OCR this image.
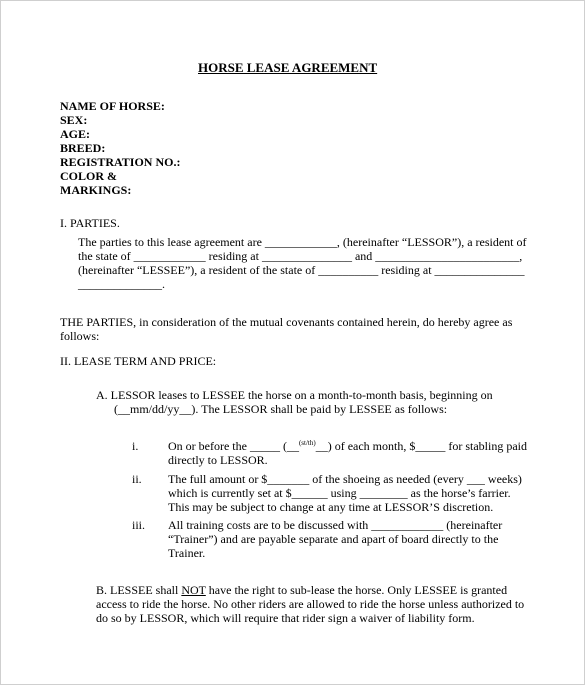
HORSE LEASE AGREEMENT
NAME OF HORSE:
SEX:
AGE:
BREED:
REGISTRATION NO.:
COLOR &
MARKINGS:
I. PARTIES.
The parties to this lease agreement are ____________, (hereinafter “LESSOR”), a resident of
the state of ____________ residing at _______________ and ________________________,
(hereinafter “LESSEE”), a resident of the state of __________ residing at _______________
______________.
THE PARTIES, in consideration of the mutual covenants contained herein, do hereby agree as
follows:
II. LEASE TERM AND PRICE:
A. LESSOR leases to LESSEE the horse on a month-to-month basis, beginning on
(__mm/dd/yy__). The LESSOR shall be paid by LESSEE as follows:
i. On or before the _____ (__$^{(st/th)}$__) of each month, $_____ for stabling paid
directly to LESSOR.
ii. The full amount or $_______ of the shoeing as needed (every ___ weeks)
which is currently set at $______ using ________ as the horse’s farrier.
This may be subject to change at any time at LESSOR’S discretion.
iii. All training costs are to be discussed with ____________ (hereinafter
“Trainer”) and are payable separate and apart of board directly to the
Trainer.
B. LESSEE shall NOT have the right to sub-lease the horse. Only LESSEE is granted
access to ride the horse. No other riders are allowed to ride the horse unless authorized to
do so by LESSOR, which will require that rider sign a waiver of liability form.
